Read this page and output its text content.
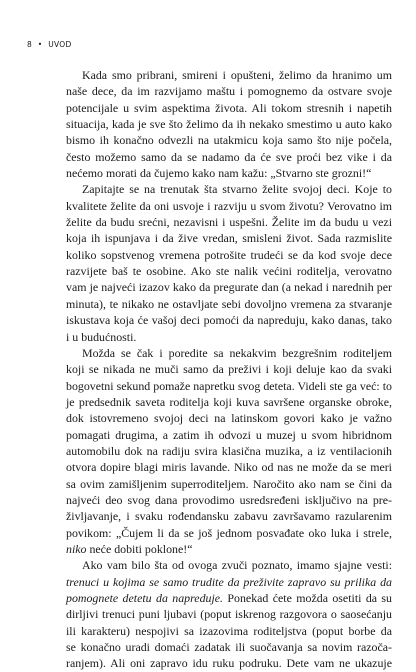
8 • UVOD
Kada smo pribrani, smireni i opušteni, želimo da hranimo um
naše dece, da im razvijamo maštu i pomognemo da ostvare svoje
potencijale u svim aspektima života. Ali tokom stresnih i napetih
situacija, kada je sve što želimo da ih nekako smestimo u auto kako
bismo ih konačno odvezli na utakmicu koja samo što nije počela,
često možemo samo da se nadamo da će sve proći bez vike i da
nećemo morati da čujemo kako nam kažu: „Stvarno ste grozni!“
Zapitajte se na trenutak šta stvarno želite svojoj deci. Koje to
kvalitete želite da oni usvoje i razviju u svom životu? Verovatno im
želite da budu srećni, nezavisni i uspešni. Želite im da budu u vezi
koja ih ispunjava i da žive vredan, smisleni život. Sada razmislite
koliko sopstvenog vremena potrošite trudeći se da kod svoje dece
razvijete baš te osobine. Ako ste nalik većini roditelja, verovatno
vam je najveći izazov kako da pregurate dan (a nekad i narednih per
minuta), te nikako ne ostavljate sebi dovoljno vremena za stvaranje
iskustava koja će vašoj deci pomoći da napreduju, kako danas, tako
i u budućnosti.
Možda se čak i poredite sa nekakvim bezgrešnim roditeljem
koji se nikada ne muči samo da preživi i koji deluje kao da svaki
bogovetni sekund pomaže napretku svog deteta. Videli ste ga već: to
je predsednik saveta roditelja koji kuva savršene organske obroke,
dok istovremeno svojoj deci na latinskom govori kako je važno
pomagati drugima, a zatim ih odvozi u muzej u svom hibridnom
automobilu dok na radiju svira klasična muzika, a iz ventilacionih
otvora dopire blagi miris lavande. Niko od nas ne može da se meri
sa ovim zamišljenim superroditeljem. Naročito ako nam se čini da
najveći deo svog dana provodimo usredsređeni isključivo na pre-
življavanje, i svaku rođendansku zabavu završavamo razularenim
povikom: „Čujem li da se još jednom posvađate oko luka i strele,
niko neće dobiti poklone!“
Ako vam bilo šta od ovoga zvuči poznato, imamo sjajne vesti:
trenuci u kojima se samo trudite da preživite zapravo su prilika da
pomognete detetu da napreduje. Ponekad ćete možda osetiti da su
dirljivi trenuci puni ljubavi (poput iskrenog razgovora o saosećanju
ili karakteru) nespojivi sa izazovima roditeljstva (poput borbe da
se konačno uradi domaći zadatak ili suočavanja sa novim razoča-
ranjem). Ali oni zapravo idu ruku podruku. Dete vam ne ukazuje
